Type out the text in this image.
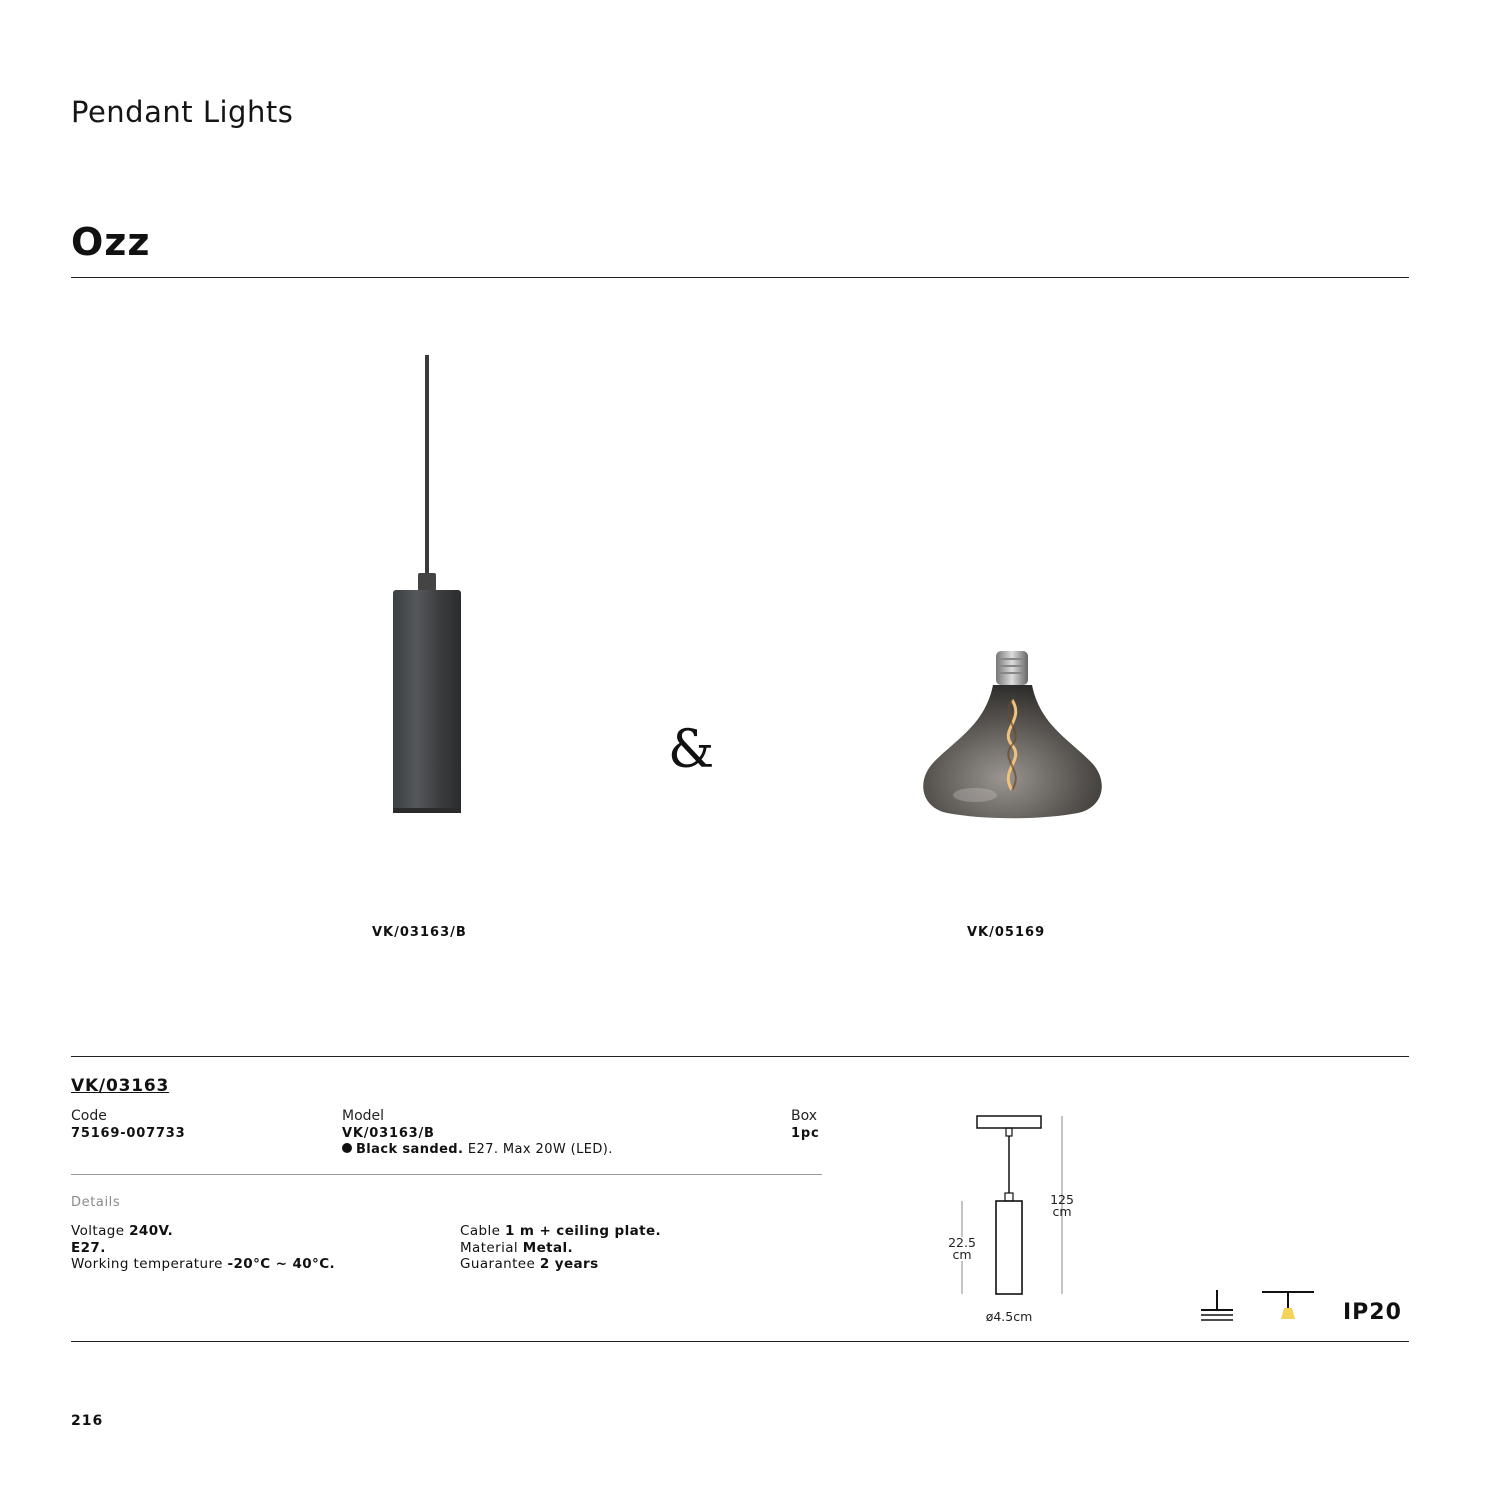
Pendant Lights
Ozz
VK/03163/B
&
VK/05169
VK/03163
Code
75169-007733
Model
VK/03163/B
Black sanded. E27. Max 20W (LED).
Box
1pc
Details
Voltage 240V.
E27.
Working temperature -20°C ~ 40°C.
Cable 1 m + ceiling plate.
Material Metal.
Guarantee 2 years
125
cm
22.5
cm
ø4.5cm	IP20
216
